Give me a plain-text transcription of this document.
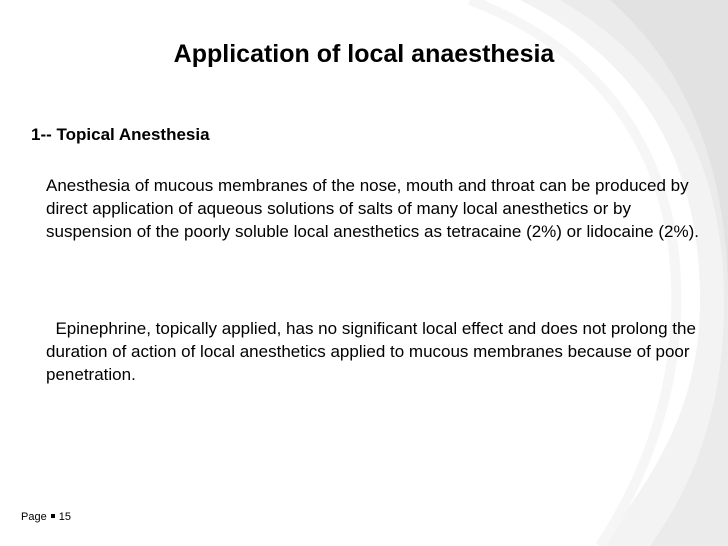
Application of local anaesthesia
1-- Topical Anesthesia
Anesthesia of mucous membranes of the nose, mouth and throat can be produced by direct application of aqueous solutions of salts of many local anesthetics or by suspension of the poorly soluble local anesthetics as tetracaine (2%) or lidocaine (2%).
Epinephrine, topically applied, has no significant local effect and does not prolong the duration of action of local anesthetics applied to mucous membranes because of poor penetration.
Page 15
